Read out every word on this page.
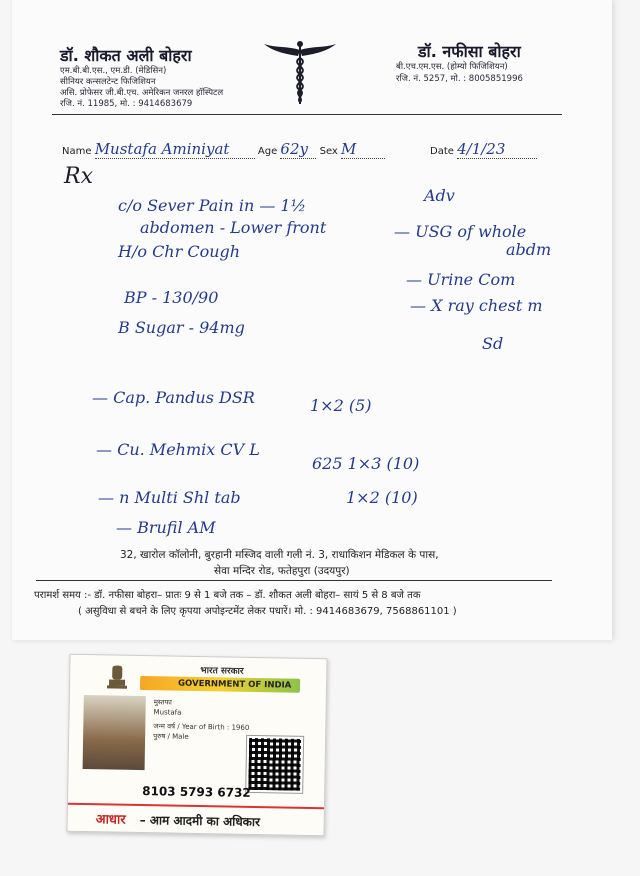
डॉ. शौकत अली बोहरा
एम.बी.बी.एस., एम.डी. (मेडिसिन)
सीनियर कन्सलटेन्ट फिजिशियन
असि. प्रोफेसर जी.बी.एच. अमेरिकन जनरल हॉस्पिटल
रजि. नं. 11985, मो. : 9414683679
डॉ. नफीसा बोहरा
बी.एच.एम.एस. (होम्यो फिजिशियन)
रजि. नं. 5257, मो. : 8005851996
Name Mustafa Aminiyat	Age 62y Sex M	Date 4/1/23
Rx
c/o Sever Pain in — 1½
abdomen - Lower front
H/o Chr Cough
BP - 130/90
B Sugar - 94mg
Adv
— USG of whole
abdm
— Urine Com
— X ray chest m
Sd
— Cap. Pandus DSR	1×2 (5)
— Cu. Mehmix CV L
625 1×3 (10)
— n Multi Shl tab	1×2 (10)
— Brufil AM
32, खारोल कॉलोनी, बुरहानी मस्जिद वाली गली नं. 3, राधाकिशन मेडिकल के पास,
सेवा मन्दिर रोड, फतेहपुरा (उदयपुर)
परामर्श समय :- डॉ. नफीसा बोहरा– प्रातः 9 से 1 बजे तक – डॉ. शौकत अली बोहरा– सायं 5 से 8 बजे तक
( असुविधा से बचने के लिए कृपया अपोइन्टमेंट लेकर पधारें। मो. : 9414683679, 7568861101 )
भारत सरकार
GOVERNMENT OF INDIA
मुस्तफा
Mustafa
जन्म वर्ष / Year of Birth : 1960
पुरुष / Male
8103 5793 6732
आधार – आम आदमी का अधिकार
